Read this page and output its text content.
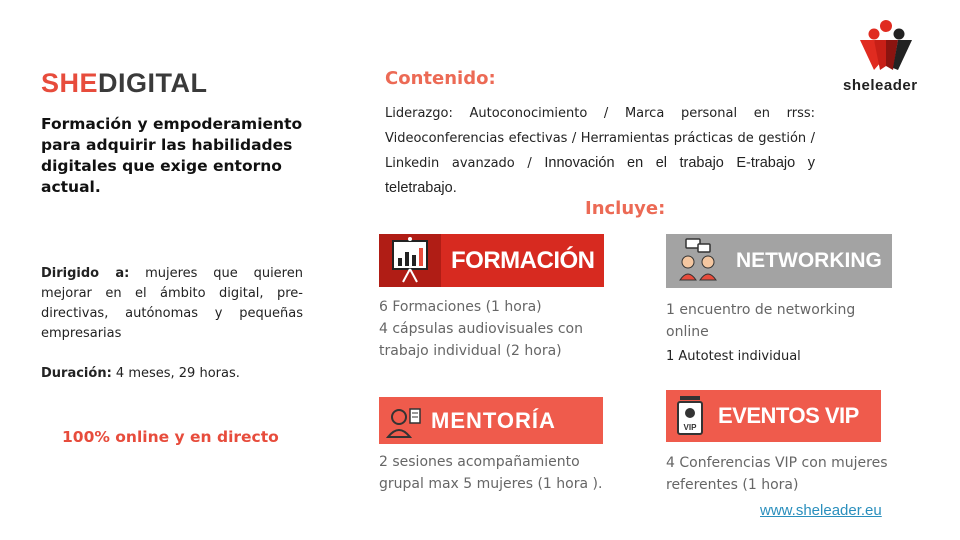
sheleader
SHEDIGITAL
Formación y empoderamiento para adquirir las habilidades digitales que exige entorno actual.
Dirigido a: mujeres que quieren mejorar en el ámbito digital, pre-directivas, autónomas y pequeñas empresarias
Duración: 4 meses, 29 horas.
100% online y en directo
Contenido:
Liderazgo: Autoconocimiento / Marca personal en rrss: Videoconferencias efectivas / Herramientas prácticas de gestión / Linkedin avanzado / Innovación en el trabajo E-trabajo y teletrabajo.
Incluye:
FORMACIÓN
6 Formaciones (1 hora)
4 cápsulas audiovisuales con trabajo individual (2 hora)
NETWORKING
1 encuentro de networking online
1 Autotest individual
MENTORÍA
2 sesiones acompañamiento grupal max 5 mujeres (1 hora ).
VIP EVENTOS VIP
4 Conferencias VIP con mujeres referentes (1 hora)
www.sheleader.eu
